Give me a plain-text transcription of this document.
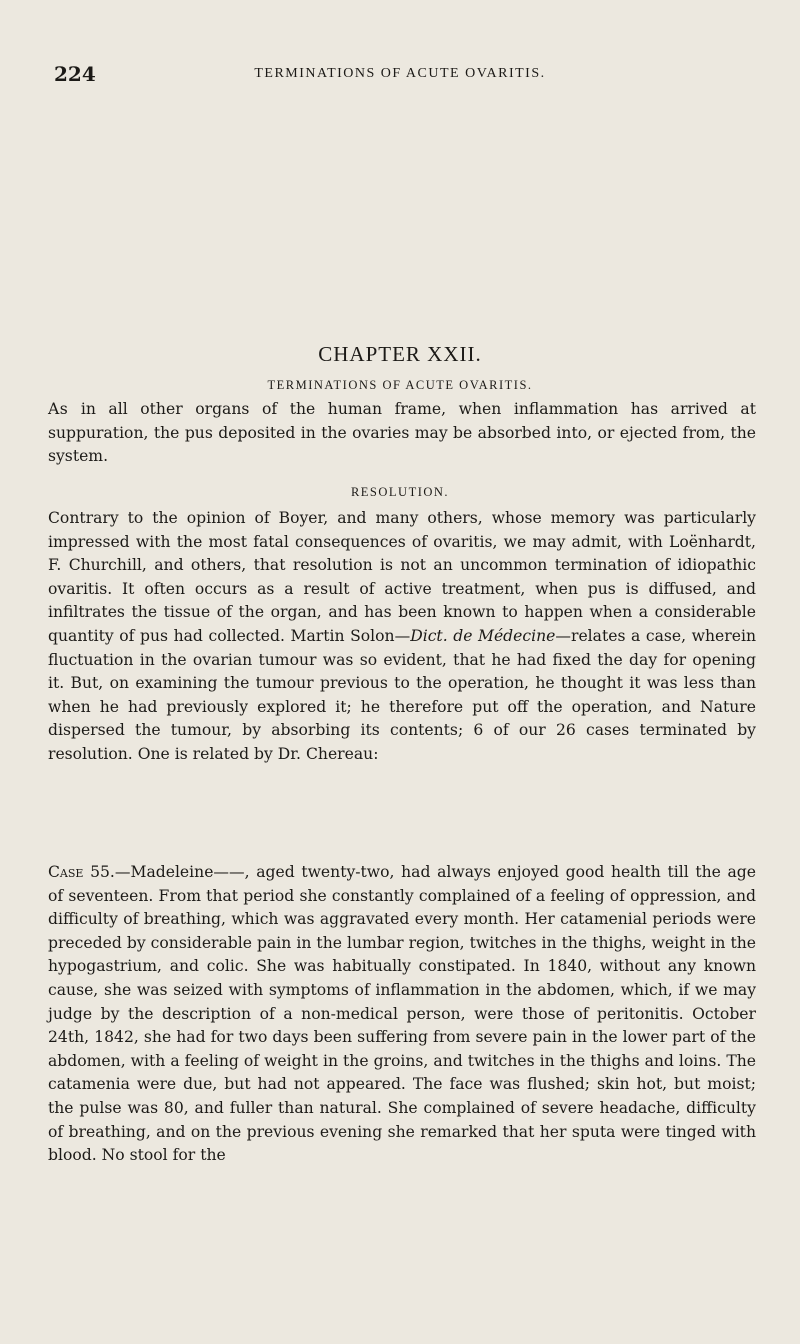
224	TERMINATIONS OF ACUTE OVARITIS.
CHAPTER XXII.
TERMINATIONS OF ACUTE OVARITIS.

As in all other organs of the human frame, when inflammation has arrived at suppuration, the pus deposited in the ovaries may be absorbed into, or ejected from, the system.

RESOLUTION.

Contrary to the opinion of Boyer, and many others, whose memory was particularly impressed with the most fatal consequences of ovaritis, we may admit, with Loënhardt, F. Churchill, and others, that resolution is not an uncommon termination of idiopathic ovaritis. It often occurs as a result of active treatment, when pus is diffused, and infiltrates the tissue of the organ, and has been known to happen when a considerable quantity of pus had collected. Martin Solon—Dict. de Médecine—relates a case, wherein fluctuation in the ovarian tumour was so evident, that he had fixed the day for opening it. But, on examining the tumour previous to the operation, he thought it was less than when he had previously explored it; he therefore put off the operation, and Nature dispersed the tumour, by absorbing its contents; 6 of our 26 cases terminated by resolution. One is related by Dr. Chereau:

Case 55.—Madeleine——, aged twenty-two, had always enjoyed good health till the age of seventeen. From that period she constantly complained of a feeling of oppression, and difficulty of breathing, which was aggravated every month. Her catamenial periods were preceded by considerable pain in the lumbar region, twitches in the thighs, weight in the hypogastrium, and colic. She was habitually constipated. In 1840, without any known cause, she was seized with symptoms of inflammation in the abdomen, which, if we may judge by the description of a non-medical person, were those of peritonitis. October 24th, 1842, she had for two days been suffering from severe pain in the lower part of the abdomen, with a feeling of weight in the groins, and twitches in the thighs and loins. The catamenia were due, but had not appeared. The face was flushed; skin hot, but moist; the pulse was 80, and fuller than natural. She complained of severe headache, difficulty of breathing, and on the previous evening she remarked that her sputa were tinged with blood. No stool for the
